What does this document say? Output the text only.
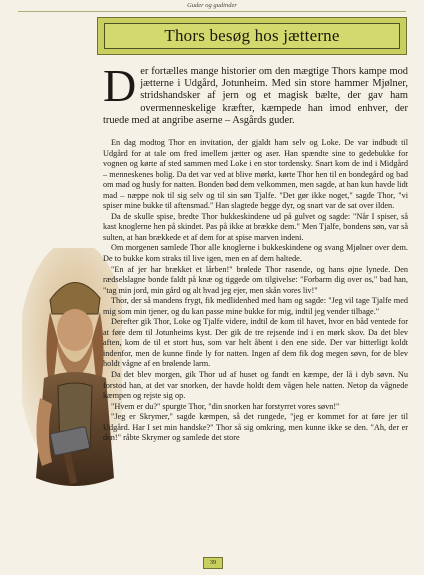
Guder og gudinder
Thors besøg hos jætterne
Der fortælles mange historier om den mægtige Thors kampe mod jætterne i Udgård, Jotunheim. Med sin store hammer Mjølner, stridshandsker af jern og et magisk bælte, der gav ham overmenneskelige kræfter, kæmpede han imod enhver, der truede med at angribe aserne – Asgårds guder.

En dag modtog Thor en invitation, der gjaldt ham selv og Loke. De var indbudt til Udgård for at tale om fred imellem jætter og aser. Han spændte sine to gedebukke for vognen og kørte af sted sammen med Loke i en stor tordensky. Snart kom de ind i Midgård – menneskenes bolig. Da det var ved at blive mørkt, kørte Thor hen til en bondegård og bad om mad og husly for natten. Bonden bød dem velkommen, men sagde, at han kun havde lidt mad – næppe nok til sig selv og til sin søn Tjalfe. "Det gør ikke noget," sagde Thor, "vi spiser mine bukke til aftensmad." Han slagtede begge dyr, og snart var de sat over ilden.

Da de skulle spise, bredte Thor bukkeskindene ud på gulvet og sagde: "Når I spiser, så kast knoglerne hen på skindet. Pas på ikke at brække dem." Men Tjalfe, bondens søn, var så sulten, at han brækkede et af dem for at spise marven indeni.

Om morgenen samlede Thor alle knoglerne i bukkeskindene og svang Mjølner over dem. De to bukke kom straks til live igen, men en af dem haltede.

"En af jer har brækket et lårben!" brølede Thor rasende, og hans øjne lynede. Den rædselslagne bonde faldt på knæ og tiggede om tilgivelse: "Forbarm dig over os," bad han, "tag min jord, min gård og alt hvad jeg ejer, men skån vores liv!"

Thor, der så mandens frygt, fik medlidenhed med ham og sagde: "Jeg vil tage Tjalfe med mig som min tjener, og du kan passe mine bukke for mig, indtil jeg vender tilbage."

Derefter gik Thor, Loke og Tjalfe videre, indtil de kom til havet, hvor en båd ventede for at føre dem til Jotunheims kyst. Der gik de tre rejsende ind i en mørk skov. Da det blev aften, kom de til et stort hus, som var helt åbent i den ene side. Der var bitterligt koldt indenfor, men de kunne finde ly for natten. Ingen af dem fik dog megen søvn, for de blev holdt vågne af en brølende larm.

Da det blev morgen, gik Thor ud af huset og fandt en kæmpe, der lå i dyb søvn. Nu forstod han, at det var snorken, der havde holdt dem vågen hele natten. Netop da vågnede kæmpen og rejste sig op.

"Hvem er du?" spurgte Thor, "din snorken har forstyrret vores søvn!"

"Jeg er Skrymer," sagde kæmpen, så det rungede, "jeg er kommet for at føre jer til Udgård. Har I set min handske?" Thor så sig omkring, men kunne ikke se den. "Ah, der er den!" råbte Skrymer og samlede det store

39
